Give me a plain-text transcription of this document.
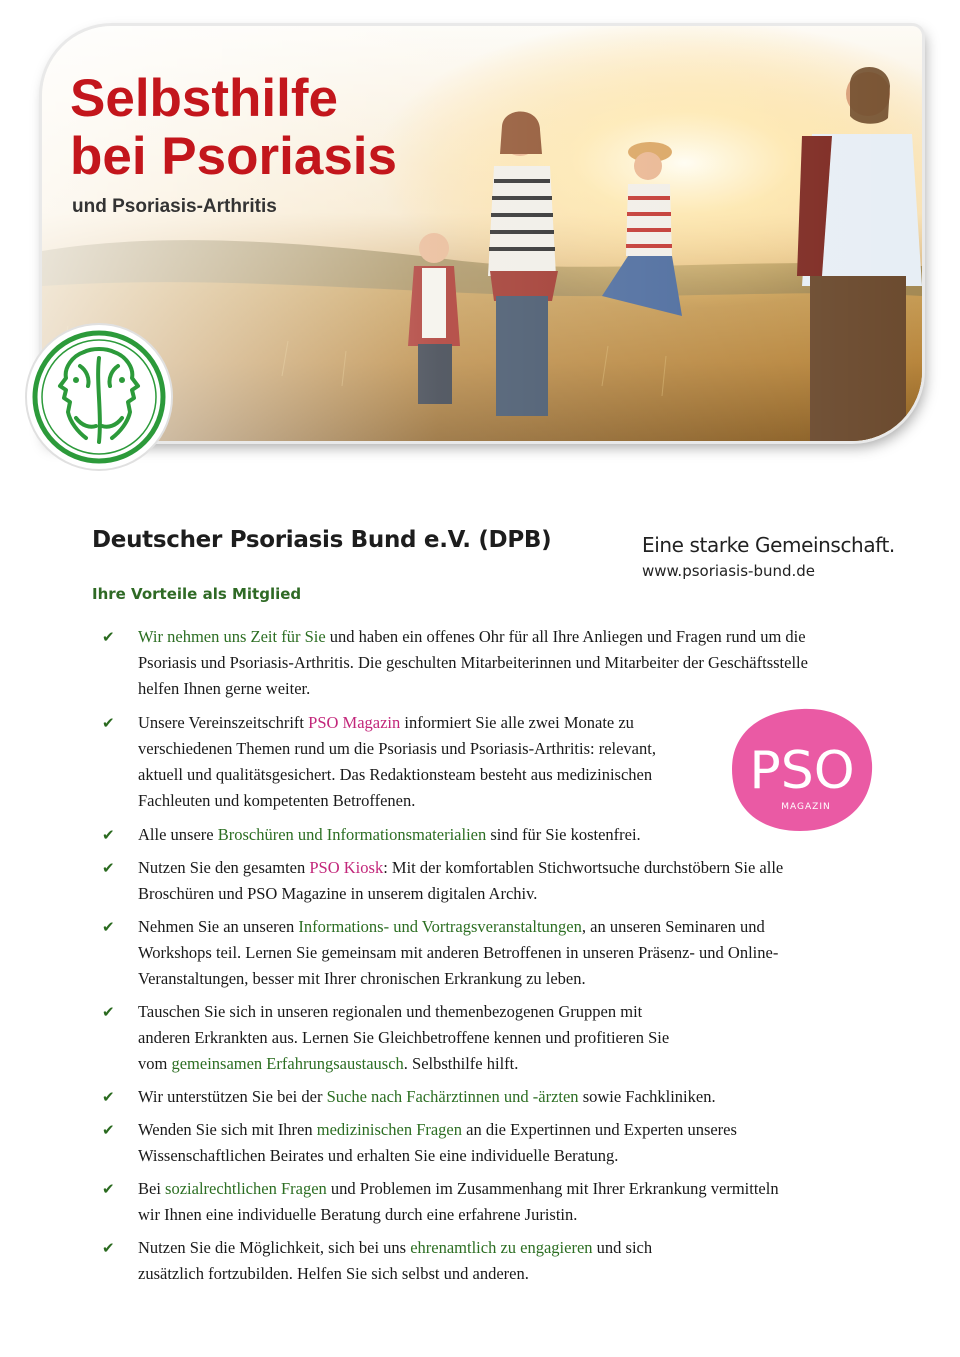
Selbsthilfe
bei Psoriasis
und Psoriasis-Arthritis
Deutscher Psoriasis Bund e.V. (DPB)	Eine starke Gemeinschaft.
www.psoriasis-bund.de
Ihre Vorteile als Mitglied
✔ Wir nehmen uns Zeit für Sie und haben ein offenes Ohr für all Ihre Anliegen und Fragen rund um die Psoriasis und Psoriasis-Arthritis. Die geschulten Mitarbeiterinnen und Mitarbeiter der Geschäftsstelle helfen Ihnen gerne weiter.
✔ Unsere Vereinszeitschrift PSO Magazin informiert Sie alle zwei Monate zu verschiedenen Themen rund um die Psoriasis und Psoriasis-Arthritis: relevant, aktuell und qualitätsgesichert. Das Redaktionsteam besteht aus medizinischen Fachleuten und kompetenten Betroffenen.
✔ Alle unsere Broschüren und Informationsmaterialien sind für Sie kostenfrei.
✔ Nutzen Sie den gesamten PSO Kiosk: Mit der komfortablen Stichwortsuche durchstöbern Sie alle Broschüren und PSO Magazine in unserem digitalen Archiv.
✔ Nehmen Sie an unseren Informations- und Vortragsveranstaltungen, an unseren Seminaren und Workshops teil. Lernen Sie gemeinsam mit anderen Betroffenen in unseren Präsenz- und Online-Veranstaltungen, besser mit Ihrer chronischen Erkrankung zu leben.
✔ Tauschen Sie sich in unseren regionalen und themenbezogenen Gruppen mit anderen Erkrankten aus. Lernen Sie Gleichbetroffene kennen und profitieren Sie vom gemeinsamen Erfahrungsaustausch. Selbsthilfe hilft.
✔ Wir unterstützen Sie bei der Suche nach Fachärztinnen und -ärzten sowie Fachkliniken.
✔ Wenden Sie sich mit Ihren medizinischen Fragen an die Expertinnen und Experten unseres Wissenschaftlichen Beirates und erhalten Sie eine individuelle Beratung.
✔ Bei sozialrechtlichen Fragen und Problemen im Zusammenhang mit Ihrer Erkrankung vermitteln wir Ihnen eine individuelle Beratung durch eine erfahrene Juristin.
✔ Nutzen Sie die Möglichkeit, sich bei uns ehrenamtlich zu engagieren und sich zusätzlich fortzubilden. Helfen Sie sich selbst und anderen.
PSO
MAGAZIN
